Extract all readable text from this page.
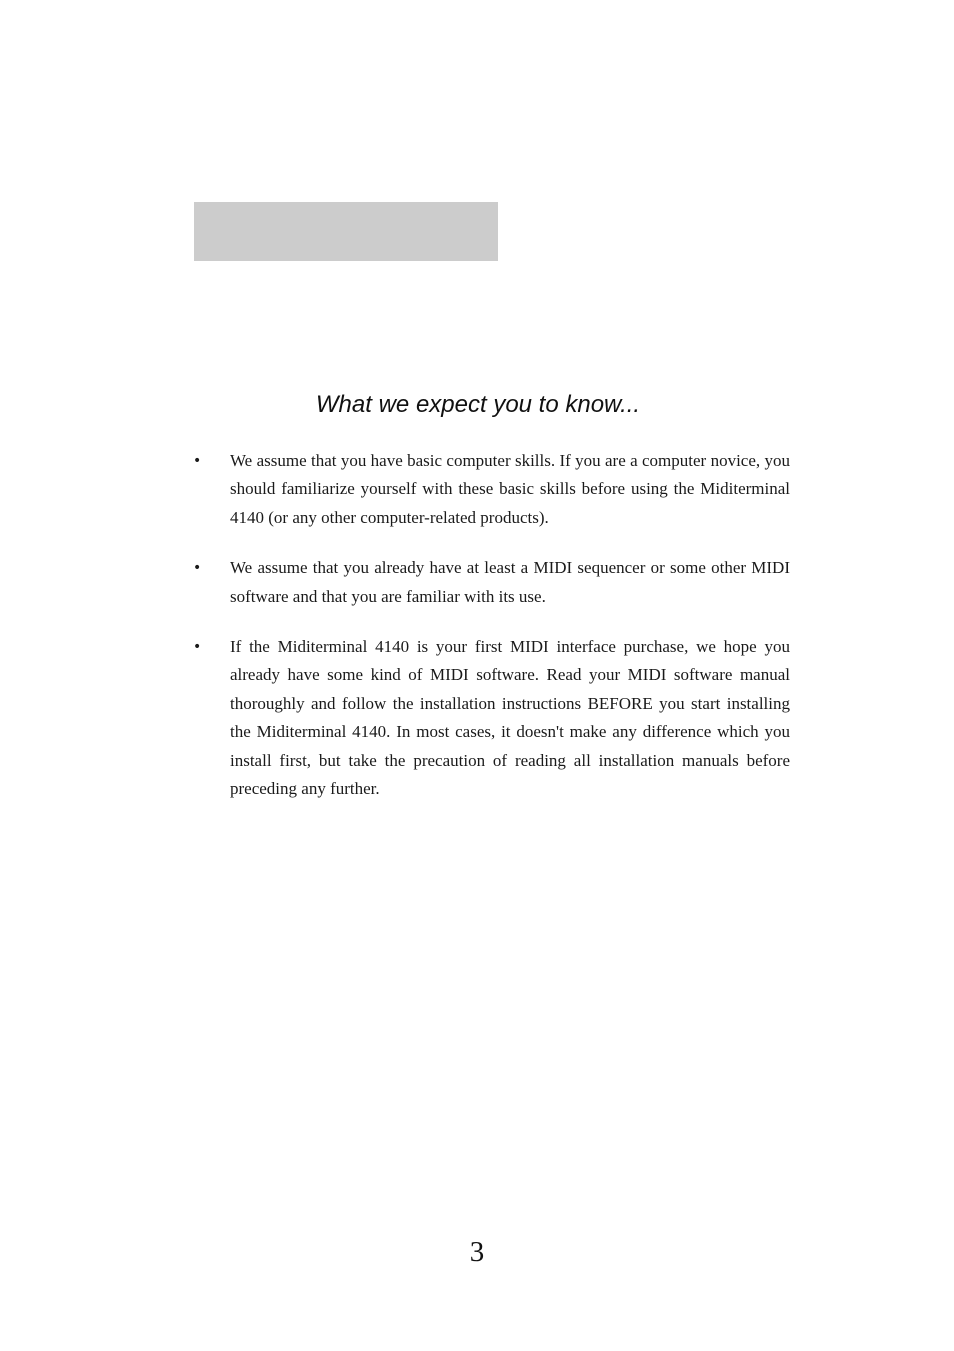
What we expect you to know...
•	We assume that you have basic computer skills. If you are a computer novice, you should familiarize yourself with these basic skills before using the Miditerminal 4140 (or any other computer-related products).
•	We assume that you already have at least a MIDI sequencer or some other MIDI software and that you are familiar with its use.
•	If the Miditerminal 4140 is your first MIDI interface purchase, we hope you already have some kind of MIDI software. Read your MIDI software manual thoroughly and follow the installation instructions BEFORE you start installing the Miditerminal 4140. In most cases, it doesn't make any difference which you install first, but take the precaution of reading all installation manuals before preceding any further.
3
